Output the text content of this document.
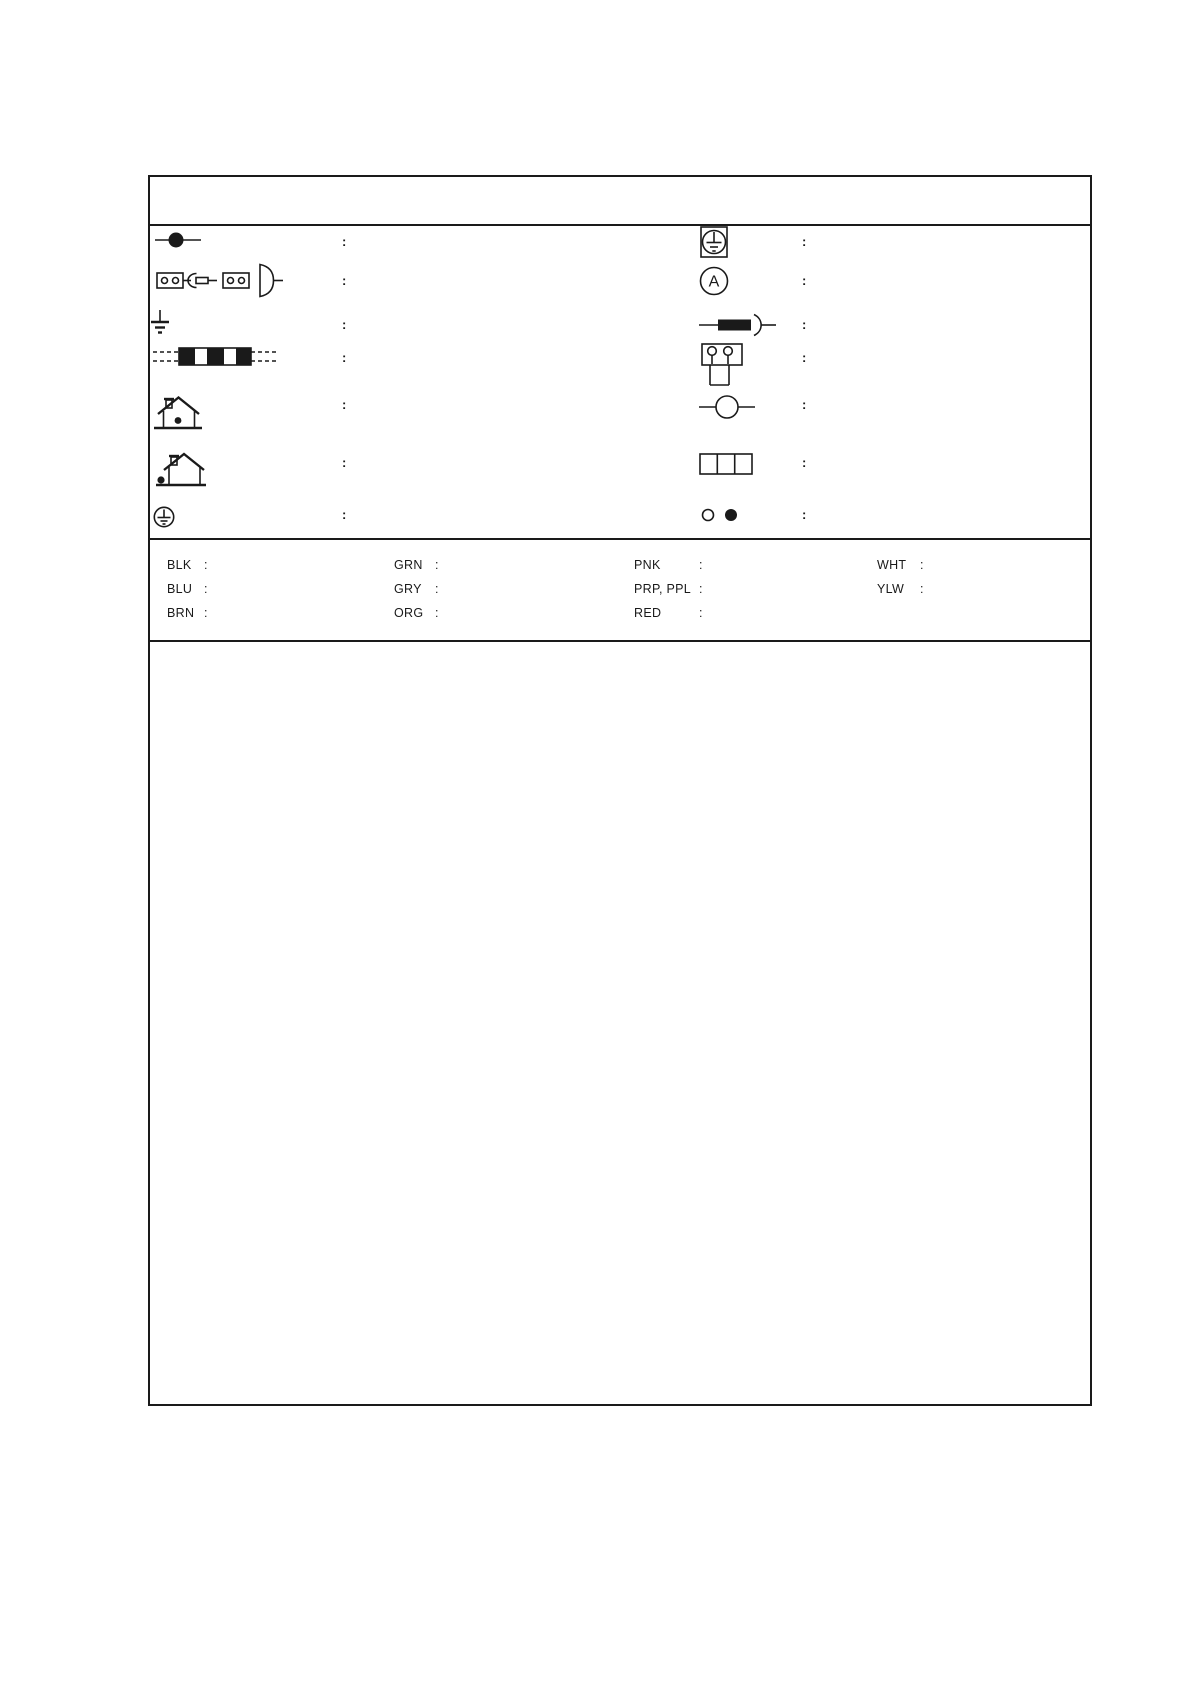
:
:
:
:
:
:
:
A
:
:
:
:
:
:
:
BLK :
BLU :
BRN :
GRN :
GRY :
ORG :
PNK	:
PRP, PPL :
RED	:
WHT :
YLW :
